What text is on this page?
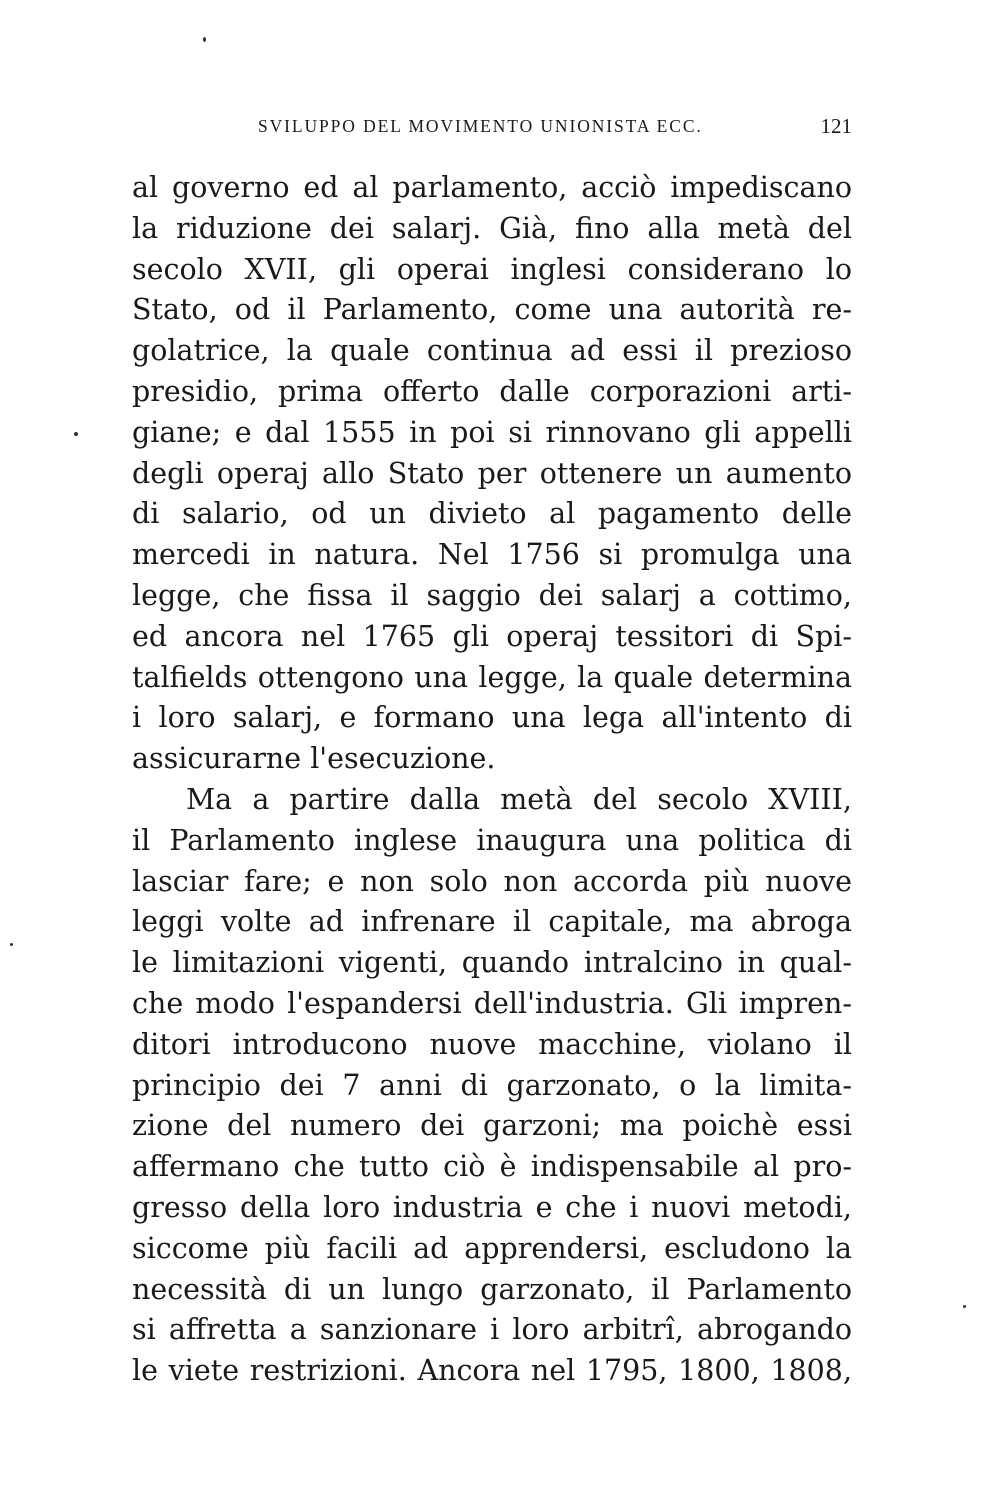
SVILUPPO DEL MOVIMENTO UNIONISTA ECC.	121
al governo ed al parlamento, acciò impediscano
la riduzione dei salarj. Già, fino alla metà del
secolo XVII, gli operai inglesi considerano lo
Stato, od il Parlamento, come una autorità re-
golatrice, la quale continua ad essi il prezioso
presidio, prima offerto dalle corporazioni arti-
giane; e dal 1555 in poi si rinnovano gli appelli
degli operaj allo Stato per ottenere un aumento
di salario, od un divieto al pagamento delle
mercedi in natura. Nel 1756 si promulga una
legge, che fissa il saggio dei salarj a cottimo,
ed ancora nel 1765 gli operaj tessitori di Spi-
talfields ottengono una legge, la quale determina
i loro salarj, e formano una lega all'intento di
assicurarne l'esecuzione.
Ma a partire dalla metà del secolo XVIII,
il Parlamento inglese inaugura una politica di
lasciar fare; e non solo non accorda più nuove
leggi volte ad infrenare il capitale, ma abroga
le limitazioni vigenti, quando intralcino in qual-
che modo l'espandersi dell'industria. Gli impren-
ditori introducono nuove macchine, violano il
principio dei 7 anni di garzonato, o la limita-
zione del numero dei garzoni; ma poichè essi
affermano che tutto ciò è indispensabile al pro-
gresso della loro industria e che i nuovi metodi,
siccome più facili ad apprendersi, escludono la
necessità di un lungo garzonato, il Parlamento
si affretta a sanzionare i loro arbitrî, abrogando
le viete restrizioni. Ancora nel 1795, 1800, 1808,
